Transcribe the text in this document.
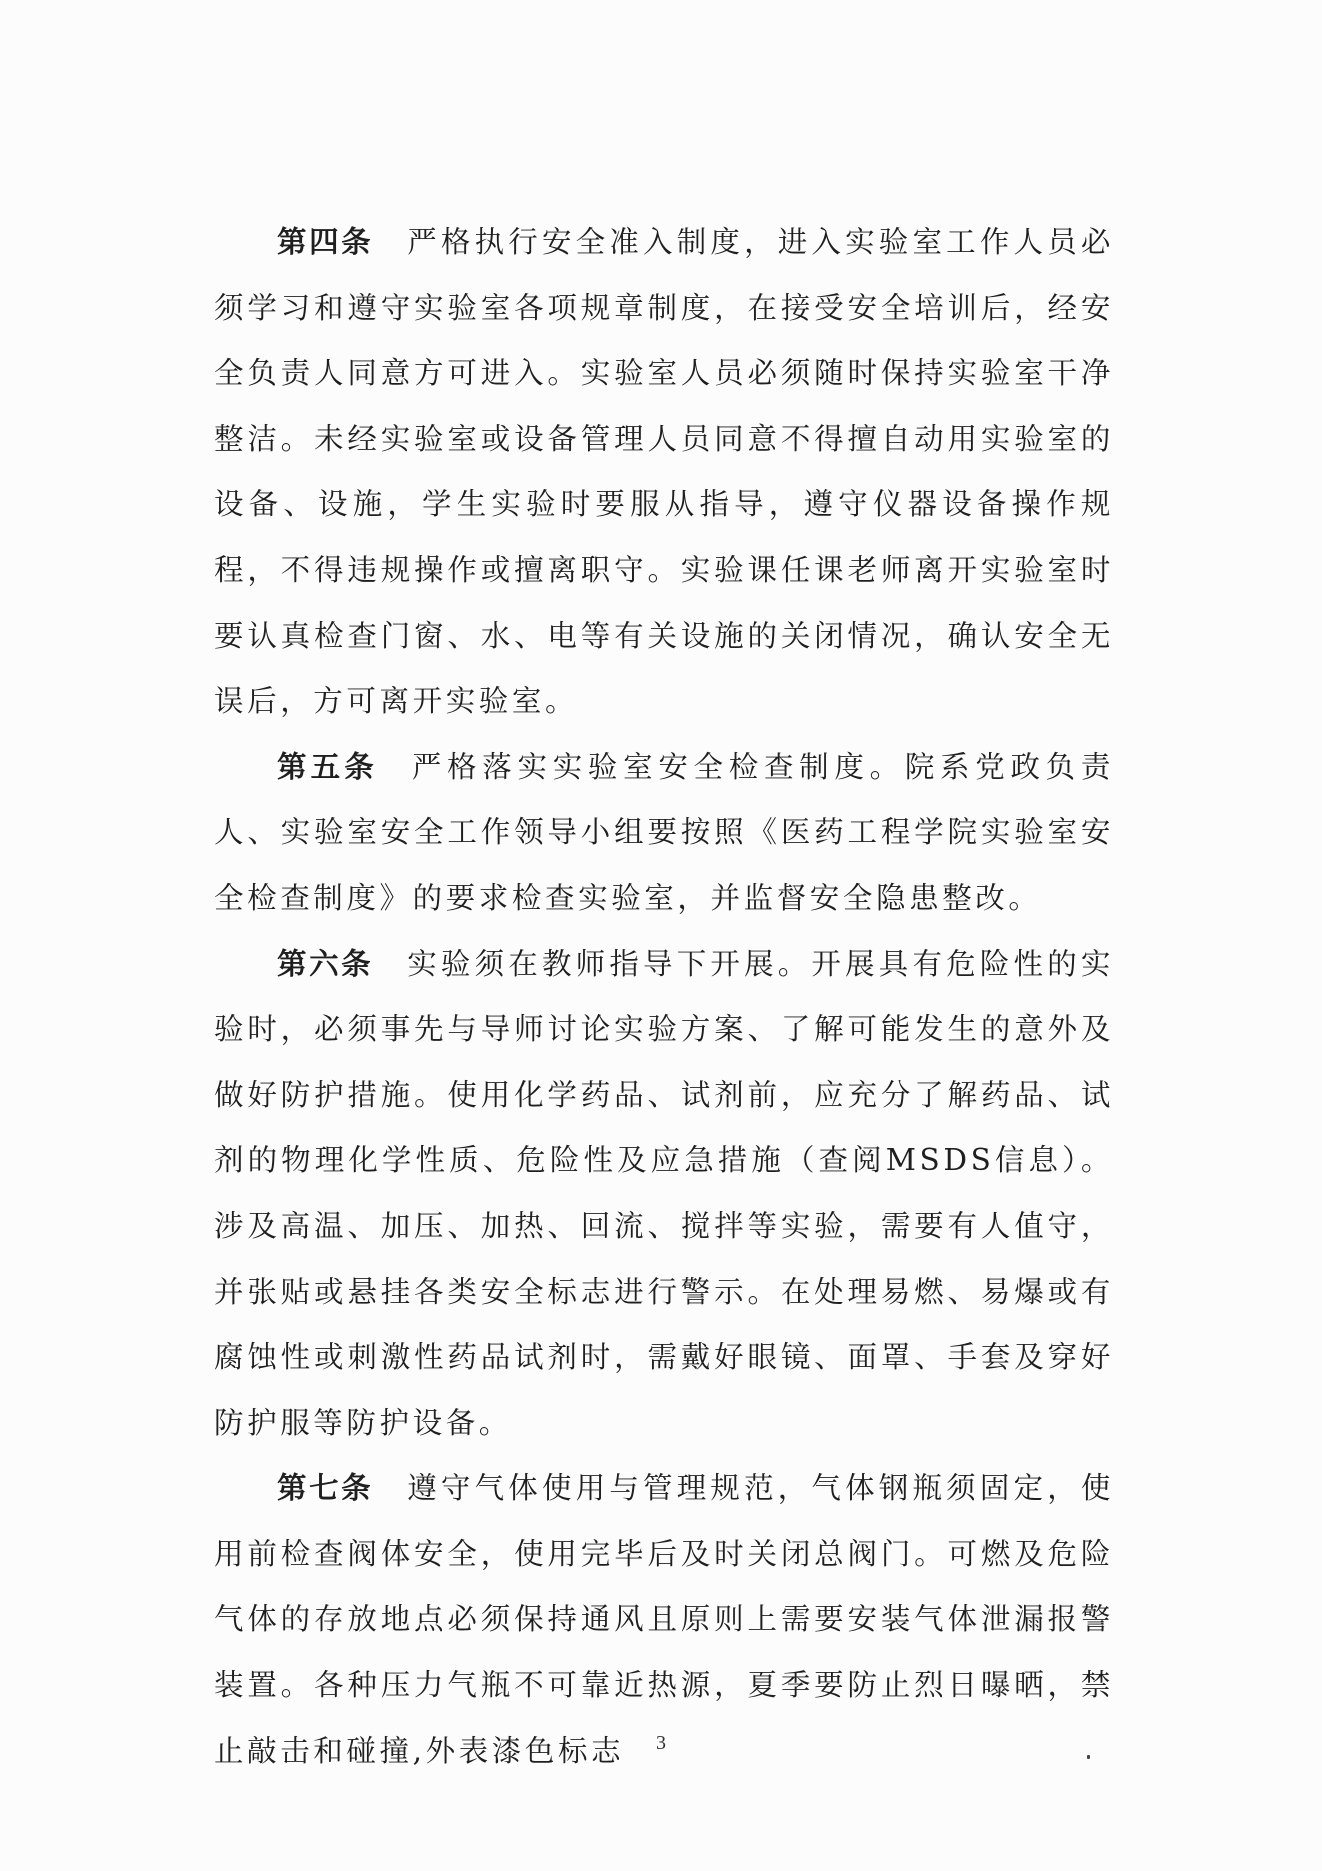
第四条 严格执行安全准入制度，进入实验室工作人员必须学习和遵守实验室各项规章制度，在接受安全培训后，经安全负责人同意方可进入。实验室人员必须随时保持实验室干净整洁。未经实验室或设备管理人员同意不得擅自动用实验室的设备、设施，学生实验时要服从指导，遵守仪器设备操作规程，不得违规操作或擅离职守。实验课任课老师离开实验室时要认真检查门窗、水、电等有关设施的关闭情况，确认安全无误后，方可离开实验室。

第五条 严格落实实验室安全检查制度。院系党政负责人、实验室安全工作领导小组要按照《医药工程学院实验室安全检查制度》的要求检查实验室，并监督安全隐患整改。

第六条 实验须在教师指导下开展。开展具有危险性的实验时，必须事先与导师讨论实验方案、了解可能发生的意外及做好防护措施。使用化学药品、试剂前，应充分了解药品、试剂的物理化学性质、危险性及应急措施（查阅MSDS信息）。涉及高温、加压、加热、回流、搅拌等实验，需要有人值守，并张贴或悬挂各类安全标志进行警示。在处理易燃、易爆或有腐蚀性或刺激性药品试剂时，需戴好眼镜、面罩、手套及穿好防护服等防护设备。

第七条 遵守气体使用与管理规范，气体钢瓶须固定，使用前检查阀体安全，使用完毕后及时关闭总阀门。可燃及危险气体的存放地点必须保持通风且原则上需要安装气体泄漏报警装置。各种压力气瓶不可靠近热源，夏季要防止烈日曝晒，禁止敲击和碰撞,外表漆色标志	3
